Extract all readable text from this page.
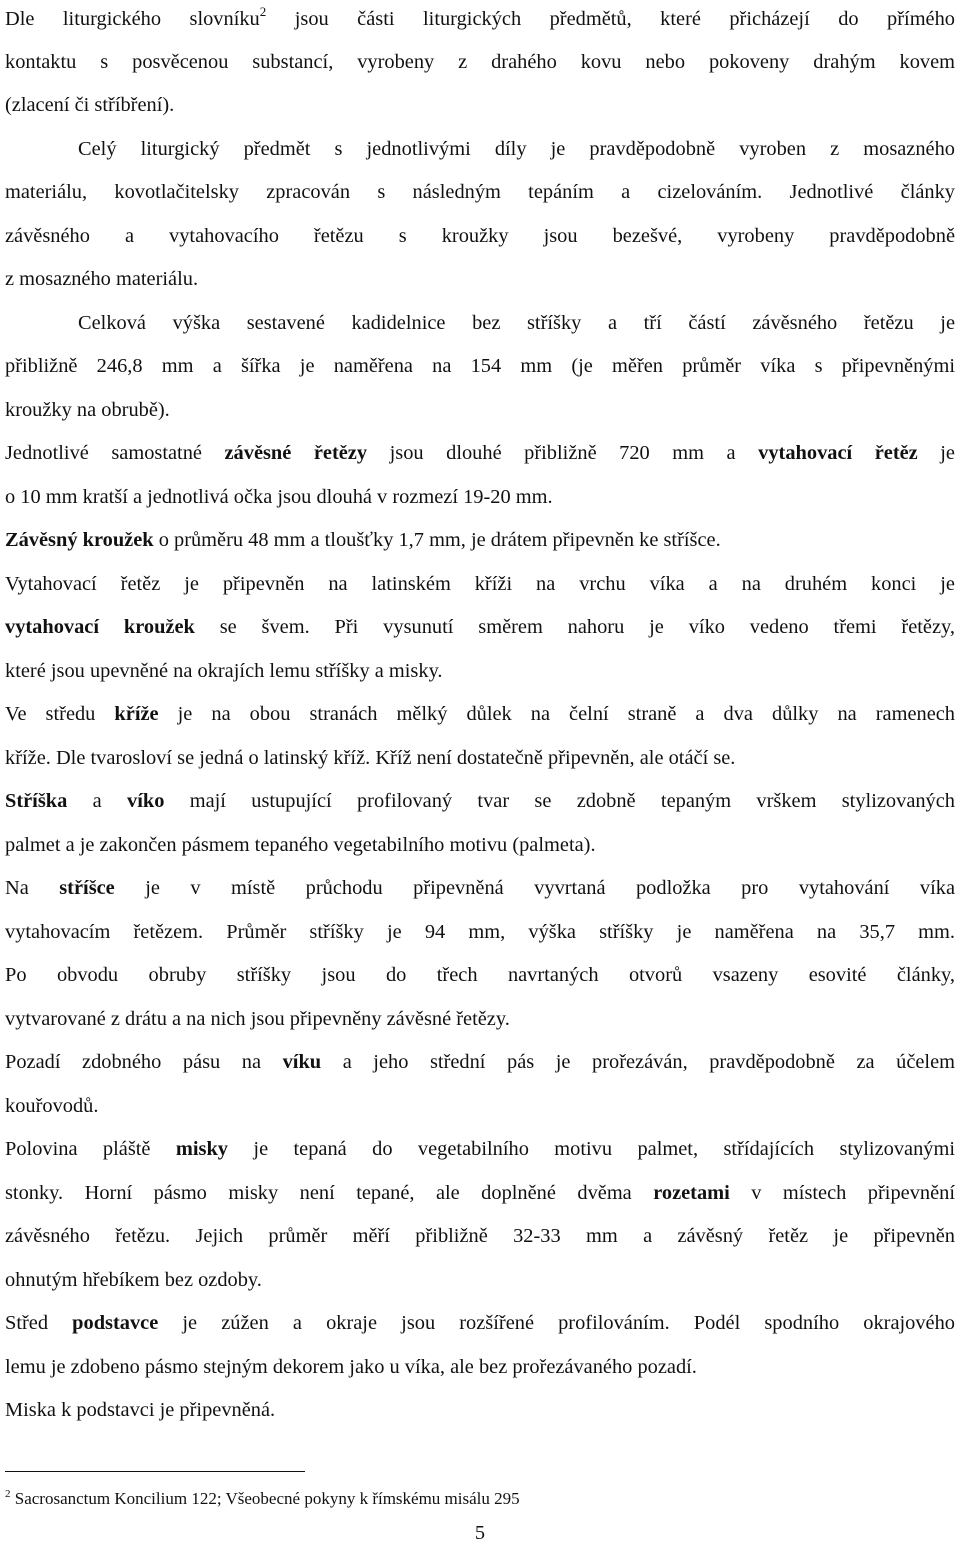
Dle liturgického slovníku$^2$ jsou části liturgických předmětů, které přicházejí do přímého
kontaktu s posvěcenou substancí, vyrobeny z drahého kovu nebo pokoveny drahým kovem
(zlacení či stříbření).
Celý liturgický předmět s jednotlivými díly je pravděpodobně vyroben z mosazného
materiálu, kovotlačitelsky zpracován s následným tepáním a cizelováním. Jednotlivé články
závěsného a vytahovacího řetězu s kroužky jsou bezešvé, vyrobeny pravděpodobně
z mosazného materiálu.
Celková výška sestavené kadidelnice bez stříšky a tří částí závěsného řetězu je
přibližně 246,8 mm a šířka je naměřena na 154 mm (je měřen průměr víka s připevněnými
kroužky na obrubě).
Jednotlivé samostatné závěsné řetězy jsou dlouhé přibližně 720 mm a vytahovací řetěz je
o 10 mm kratší a jednotlivá očka jsou dlouhá v rozmezí 19-20 mm.
Závěsný kroužek o průměru 48 mm a tloušťky 1,7 mm, je drátem připevněn ke stříšce.
Vytahovací řetěz je připevněn na latinském kříži na vrchu víka a na druhém konci je
vytahovací kroužek se švem. Při vysunutí směrem nahoru je víko vedeno třemi řetězy,
které jsou upevněné na okrajích lemu stříšky a misky.
Ve středu kříže je na obou stranách mělký důlek na čelní straně a dva důlky na ramenech
kříže. Dle tvarosloví se jedná o latinský kříž. Kříž není dostatečně připevněn, ale otáčí se.
Stříška a víko mají ustupující profilovaný tvar se zdobně tepaným vrškem stylizovaných
palmet a je zakončen pásmem tepaného vegetabilního motivu (palmeta).
Na stříšce je v místě průchodu připevněná vyvrtaná podložka pro vytahování víka
vytahovacím řetězem. Průměr stříšky je 94 mm, výška stříšky je naměřena na 35,7 mm.
Po obvodu obruby stříšky jsou do třech navrtaných otvorů vsazeny esovité články,
vytvarované z drátu a na nich jsou připevněny závěsné řetězy.
Pozadí zdobného pásu na víku a jeho střední pás je prořezáván, pravděpodobně za účelem
kouřovodů.
Polovina pláště misky je tepaná do vegetabilního motivu palmet, střídajících stylizovanými
stonky. Horní pásmo misky není tepané, ale doplněné dvěma rozetami v místech připevnění
závěsného řetězu. Jejich průměr měří přibližně 32-33 mm a závěsný řetěz je připevněn
ohnutým hřebíkem bez ozdoby.
Střed podstavce je zúžen a okraje jsou rozšířené profilováním. Podél spodního okrajového
lemu je zdobeno pásmo stejným dekorem jako u víka, ale bez prořezávaného pozadí.
Miska k podstavci je připevněná.
$^2$ Sacrosanctum Koncilium 122; Všeobecné pokyny k římskému misálu 295
5
